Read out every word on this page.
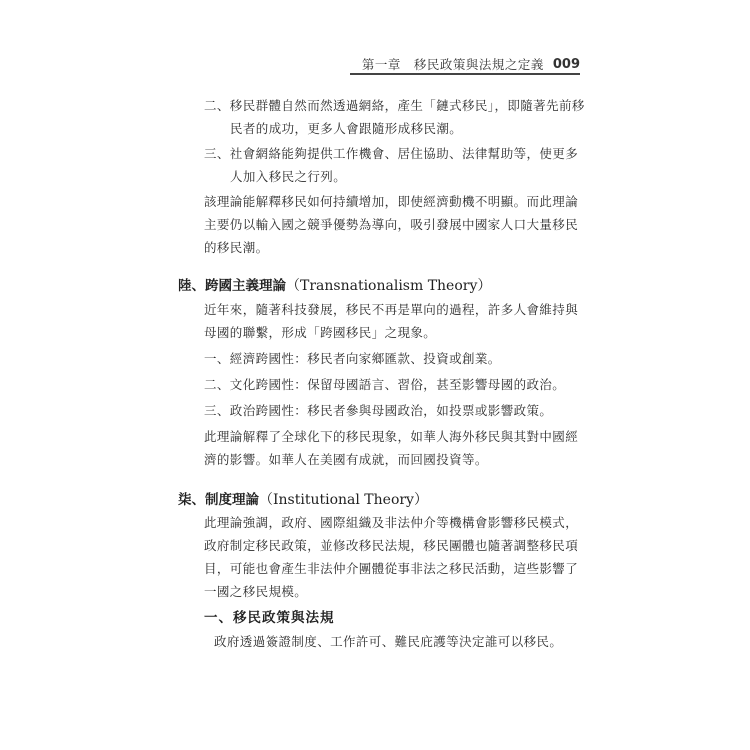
第一章　移民政策與法規之定義 009

二、移民群體自然而然透過網絡，產生「鏈式移民」，即隨著先前移

民者的成功，更多人會跟隨形成移民潮。

三、社會網絡能夠提供工作機會、居住協助、法律幫助等，使更多

人加入移民之行列。

該理論能解釋移民如何持續增加，即使經濟動機不明顯。而此理論

主要仍以輸入國之競爭優勢為導向，吸引發展中國家人口大量移民

的移民潮。

陸、跨國主義理論（Transnationalism Theory）

近年來，隨著科技發展，移民不再是單向的過程，許多人會維持與

母國的聯繫，形成「跨國移民」之現象。

一、經濟跨國性：移民者向家鄉匯款、投資或創業。

二、文化跨國性：保留母國語言、習俗，甚至影響母國的政治。

三、政治跨國性：移民者參與母國政治，如投票或影響政策。

此理論解釋了全球化下的移民現象，如華人海外移民與其對中國經

濟的影響。如華人在美國有成就，而回國投資等。

柒、制度理論（Institutional Theory）

此理論強調，政府、國際組織及非法仲介等機構會影響移民模式，

政府制定移民政策，並修改移民法規，移民團體也隨著調整移民項

目，可能也會產生非法仲介團體從事非法之移民活動，這些影響了

一國之移民規模。

一、移民政策與法規

政府透過簽證制度、工作許可、難民庇護等決定誰可以移民。
